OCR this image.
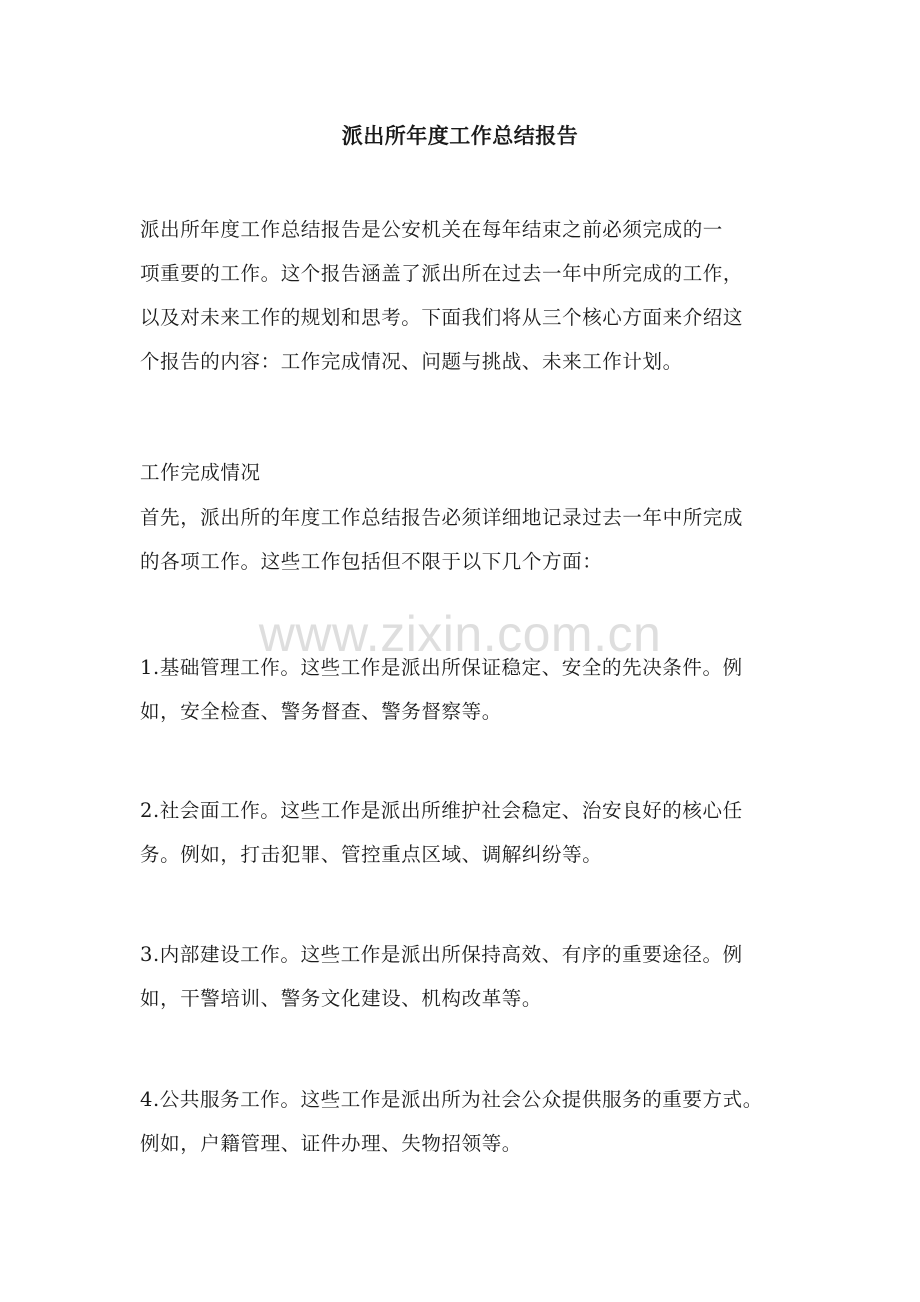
派出所年度工作总结报告

派出所年度工作总结报告是公安机关在每年结束之前必须完成的一
项重要的工作。这个报告涵盖了派出所在过去一年中所完成的工作，
以及对未来工作的规划和思考。下面我们将从三个核心方面来介绍这
个报告的内容：工作完成情况、问题与挑战、未来工作计划。

工作完成情况

首先，派出所的年度工作总结报告必须详细地记录过去一年中所完成
的各项工作。这些工作包括但不限于以下几个方面：

www.zixin.com.cn

1.基础管理工作。这些工作是派出所保证稳定、安全的先决条件。例
如，安全检查、警务督查、警务督察等。

2.社会面工作。这些工作是派出所维护社会稳定、治安良好的核心任
务。例如，打击犯罪、管控重点区域、调解纠纷等。

3.内部建设工作。这些工作是派出所保持高效、有序的重要途径。例
如，干警培训、警务文化建设、机构改革等。

4.公共服务工作。这些工作是派出所为社会公众提供服务的重要方式。
例如，户籍管理、证件办理、失物招领等。
